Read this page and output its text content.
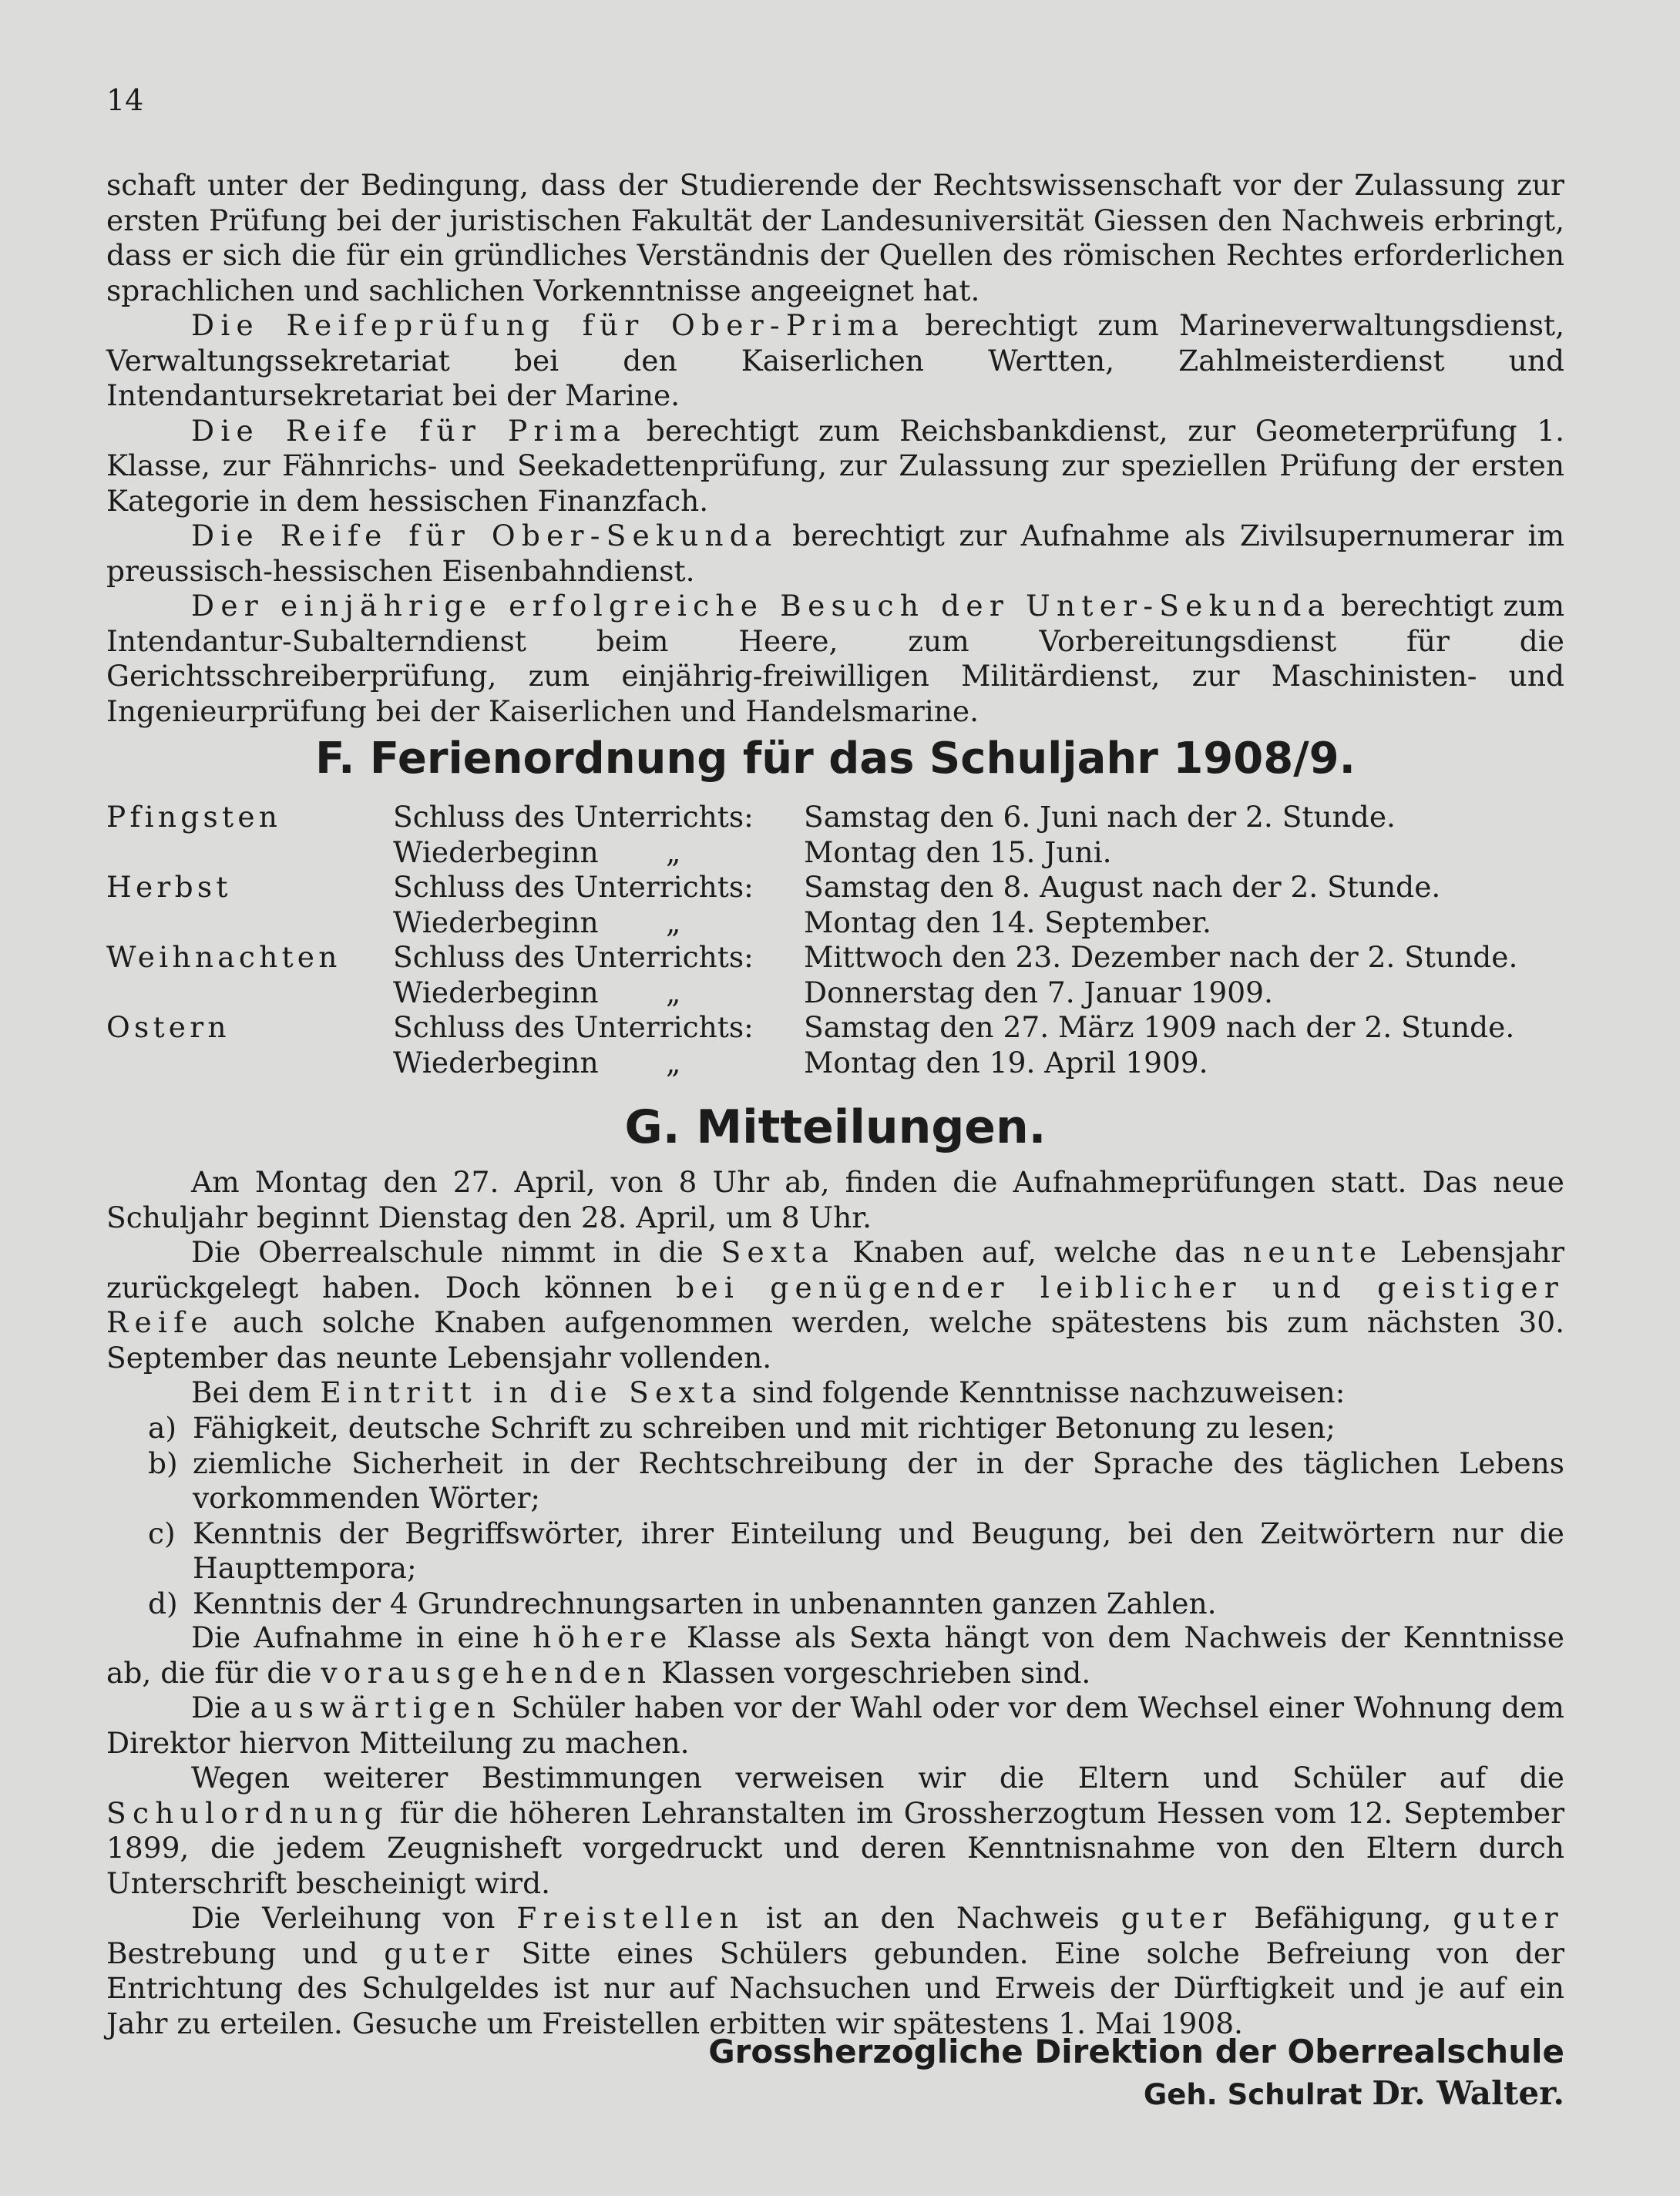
14

schaft unter der Bedingung, dass der Studierende der Rechtswissenschaft vor der Zulassung zur ersten Prüfung bei der juristischen Fakultät der Landesuniversität Giessen den Nachweis erbringt, dass er sich die für ein gründliches Verständnis der Quellen des römischen Rechtes erforderlichen sprachlichen und sachlichen Vorkenntnisse angeeignet hat.

Die Reifeprüfung für Ober-Prima berechtigt zum Marineverwaltungsdienst, Verwaltungssekretariat bei den Kaiserlichen Wertten, Zahlmeisterdienst und Intendantursekretariat bei der Marine.

Die Reife für Prima berechtigt zum Reichsbankdienst, zur Geometerprüfung 1. Klasse, zur Fähnrichs- und Seekadettenprüfung, zur Zulassung zur speziellen Prüfung der ersten Kategorie in dem hessischen Finanzfach.

Die Reife für Ober-Sekunda berechtigt zur Aufnahme als Zivilsupernumerar im preussisch-hessischen Eisenbahndienst.

Der einjährige erfolgreiche Besuch der Unter-Sekunda berechtigt zum Intendantur-Subalterndienst beim Heere, zum Vorbereitungsdienst für die Gerichtsschreiberprüfung, zum einjährig-freiwilligen Militärdienst, zur Maschinisten- und Ingenieurprüfung bei der Kaiserlichen und Handelsmarine.

F. Ferienordnung für das Schuljahr 1908/9.
Pfingsten	Schluss des Unterrichts: Samstag den 6. Juni nach der 2. Stunde.
Wiederbeginn „	Montag den 15. Juni.
Herbst	Schluss des Unterrichts: Samstag den 8. August nach der 2. Stunde.
Wiederbeginn „	Montag den 14. September.
Weihnachten Schluss des Unterrichts: Mittwoch den 23. Dezember nach der 2. Stunde.
Wiederbeginn „	Donnerstag den 7. Januar 1909.
Ostern	Schluss des Unterrichts: Samstag den 27. März 1909 nach der 2. Stunde.
Wiederbeginn „	Montag den 19. April 1909.
G. Mitteilungen.

Am Montag den 27. April, von 8 Uhr ab, finden die Aufnahmeprüfungen statt. Das neue Schuljahr beginnt Dienstag den 28. April, um 8 Uhr.

Die Oberrealschule nimmt in die Sexta Knaben auf, welche das neunte Lebensjahr zurückgelegt haben. Doch können bei genügender leiblicher und geistiger Reife auch solche Knaben aufgenommen werden, welche spätestens bis zum nächsten 30. September das neunte Lebensjahr vollenden.

Bei dem Eintritt in die Sexta sind folgende Kenntnisse nachzuweisen:

a) Fähigkeit, deutsche Schrift zu schreiben und mit richtiger Betonung zu lesen;
b) ziemliche Sicherheit in der Rechtschreibung der in der Sprache des täglichen Lebens vorkommenden Wörter;
c) Kenntnis der Begriffswörter, ihrer Einteilung und Beugung, bei den Zeitwörtern nur die Haupttempora;
d) Kenntnis der 4 Grundrechnungsarten in unbenannten ganzen Zahlen.

Die Aufnahme in eine höhere Klasse als Sexta hängt von dem Nachweis der Kenntnisse ab, die für die vorausgehenden Klassen vorgeschrieben sind.

Die auswärtigen Schüler haben vor der Wahl oder vor dem Wechsel einer Wohnung dem Direktor hiervon Mitteilung zu machen.

Wegen weiterer Bestimmungen verweisen wir die Eltern und Schüler auf die Schulordnung für die höheren Lehranstalten im Grossherzogtum Hessen vom 12. September 1899, die jedem Zeugnisheft vorgedruckt und deren Kenntnisnahme von den Eltern durch Unterschrift bescheinigt wird.

Die Verleihung von Freistellen ist an den Nachweis guter Befähigung, guter Bestrebung und guter Sitte eines Schülers gebunden. Eine solche Befreiung von der Entrichtung des Schulgeldes ist nur auf Nachsuchen und Erweis der Dürftigkeit und je auf ein Jahr zu erteilen. Gesuche um Freistellen erbitten wir spätestens 1. Mai 1908.

Grossherzogliche Direktion der Oberrealschule
Geh. Schulrat Dr. Walter.
